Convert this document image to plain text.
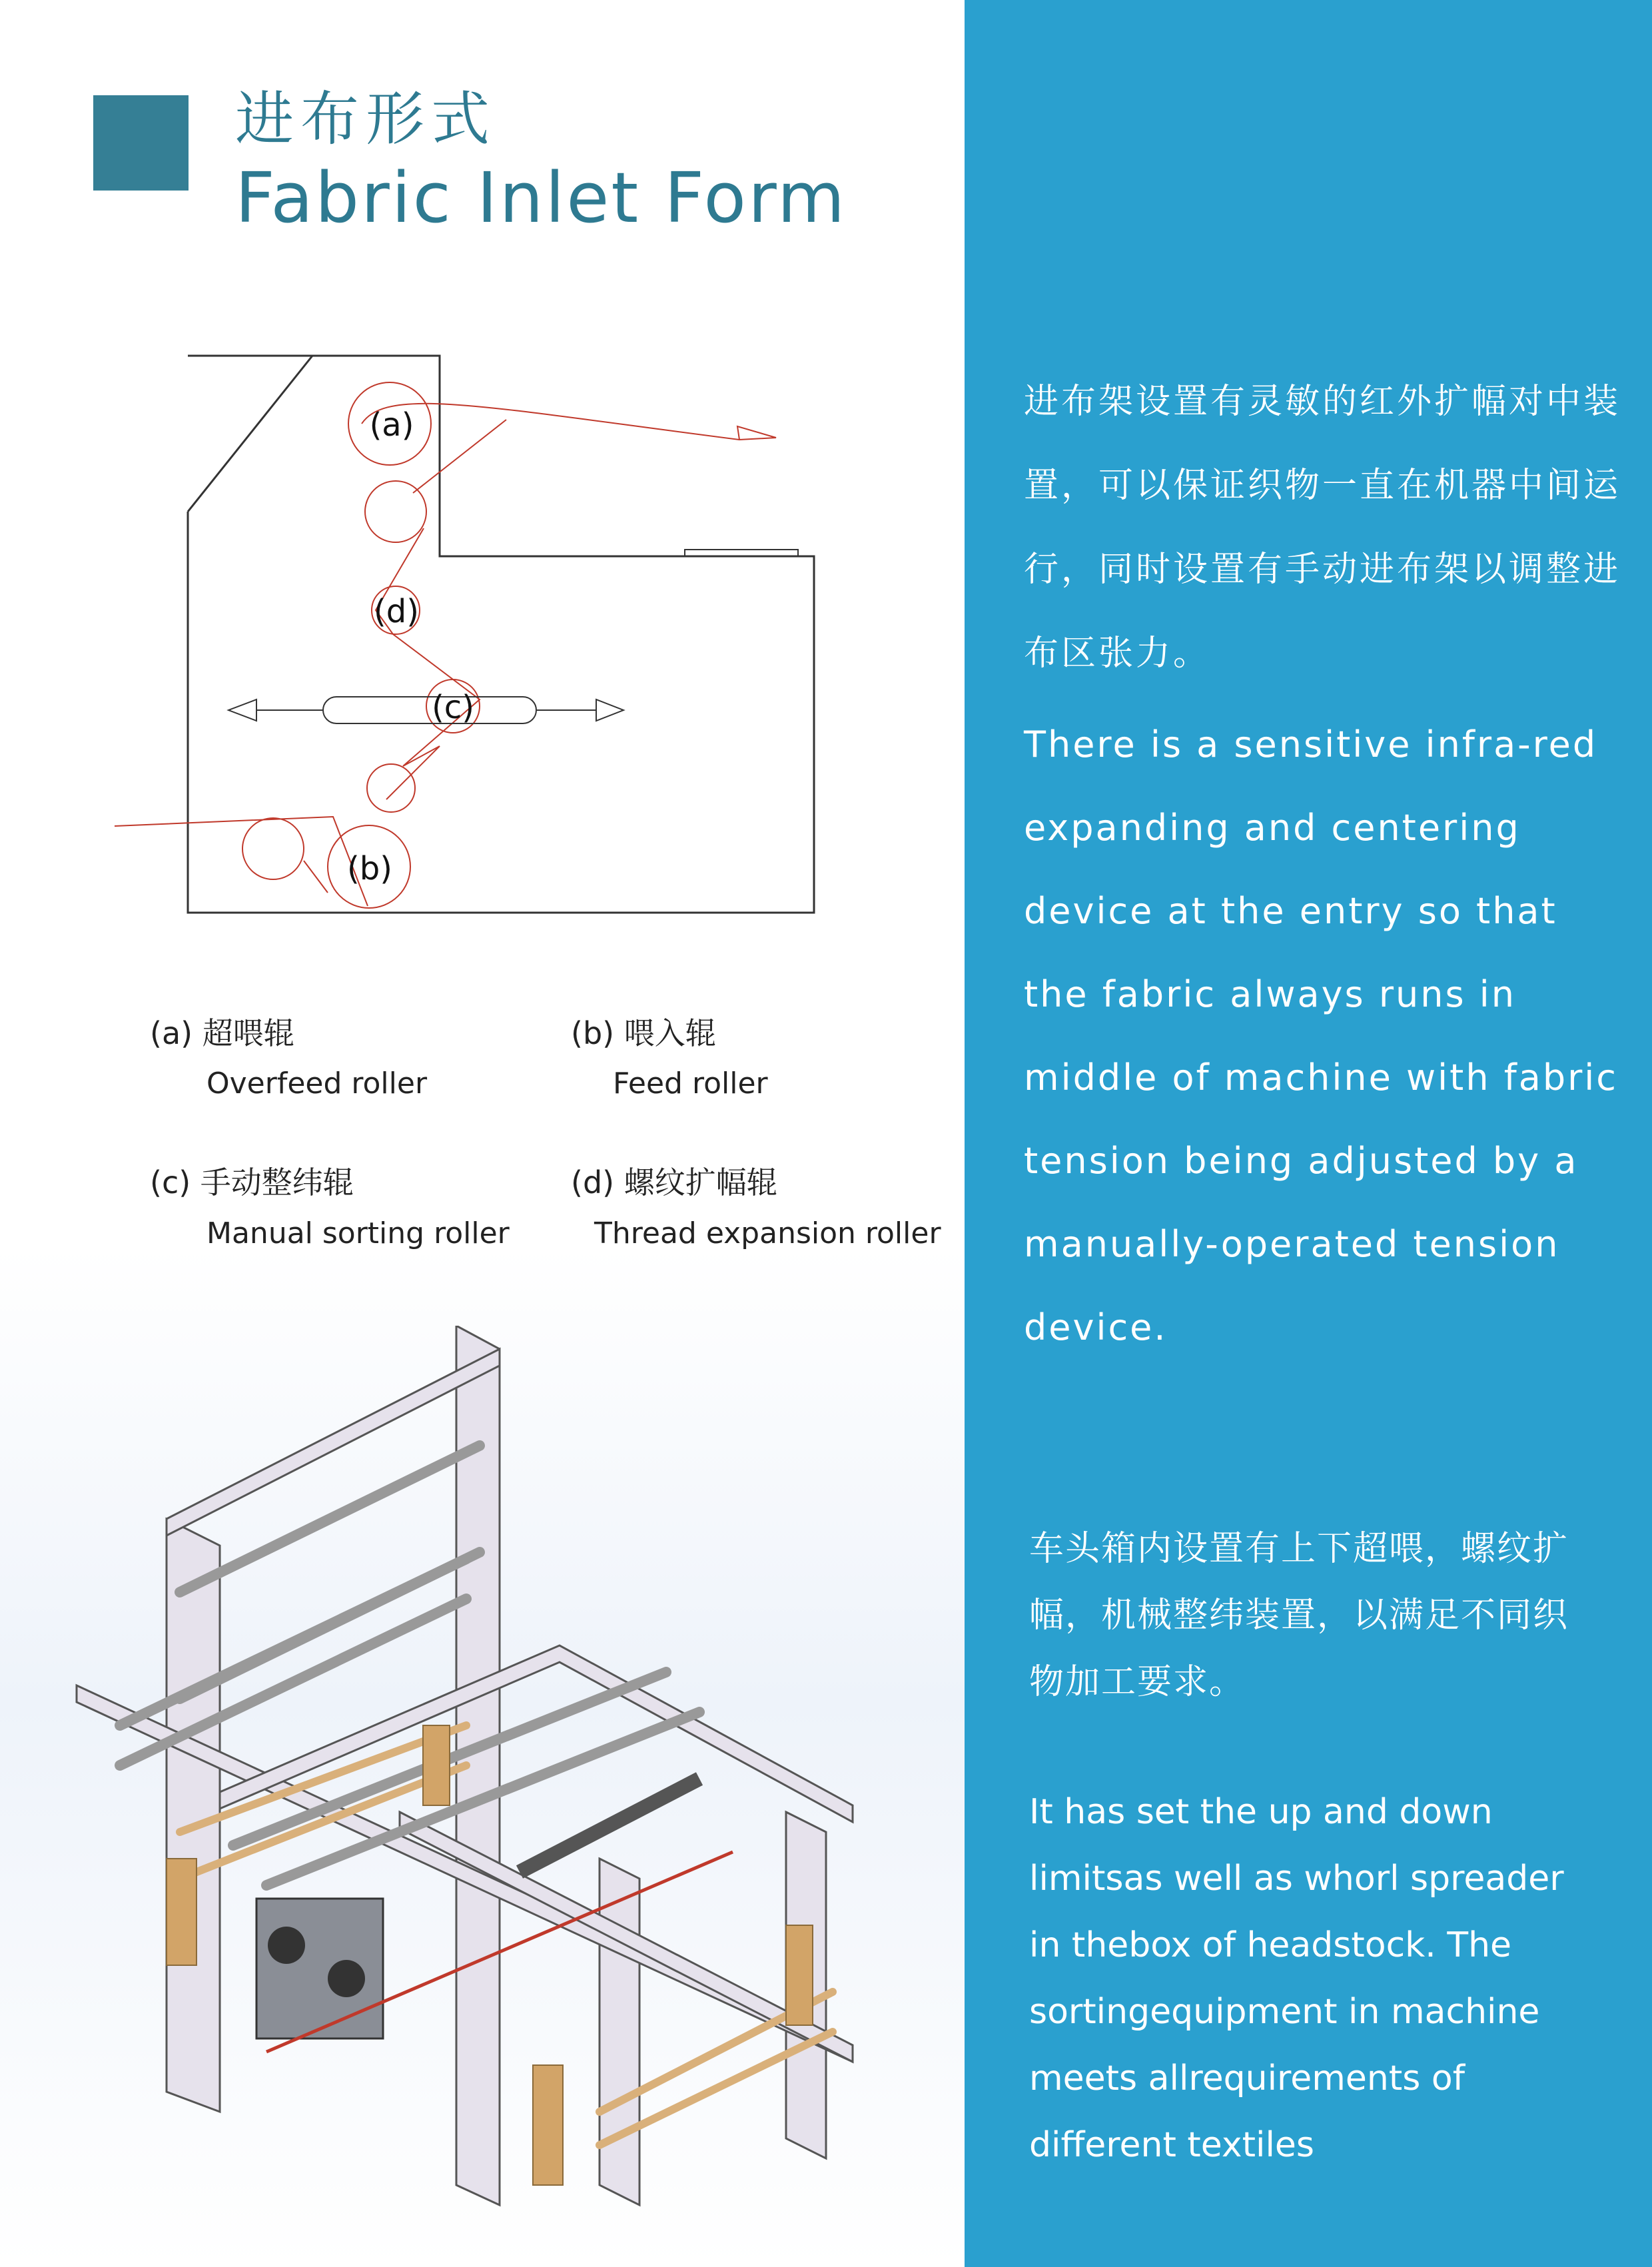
进布形式
Fabric Inlet Form
(a)
(d)
(c)
(b)
(a) 超喂辊
Overfeed roller
(b) 喂入辊
Feed roller
(c) 手动整纬辊
Manual sorting roller
(d) 螺纹扩幅辊
Thread expansion roller
进布架设置有灵敏的红外扩幅对中装置，可以保证织物一直在机器中间运行，同时设置有手动进布架以调整进布区张力。
There is a sensitive infra-red expanding and centering device at the entry so that the fabric always runs in middle of machine with fabric tension being adjusted by a manually-operated tension device.
车头箱内设置有上下超喂，螺纹扩幅，机械整纬装置，以满足不同织物加工要求。
It has set the up and down limitsas well as whorl spreader in thebox of headstock. The sortingequipment in machine meets allrequirements of different textiles
